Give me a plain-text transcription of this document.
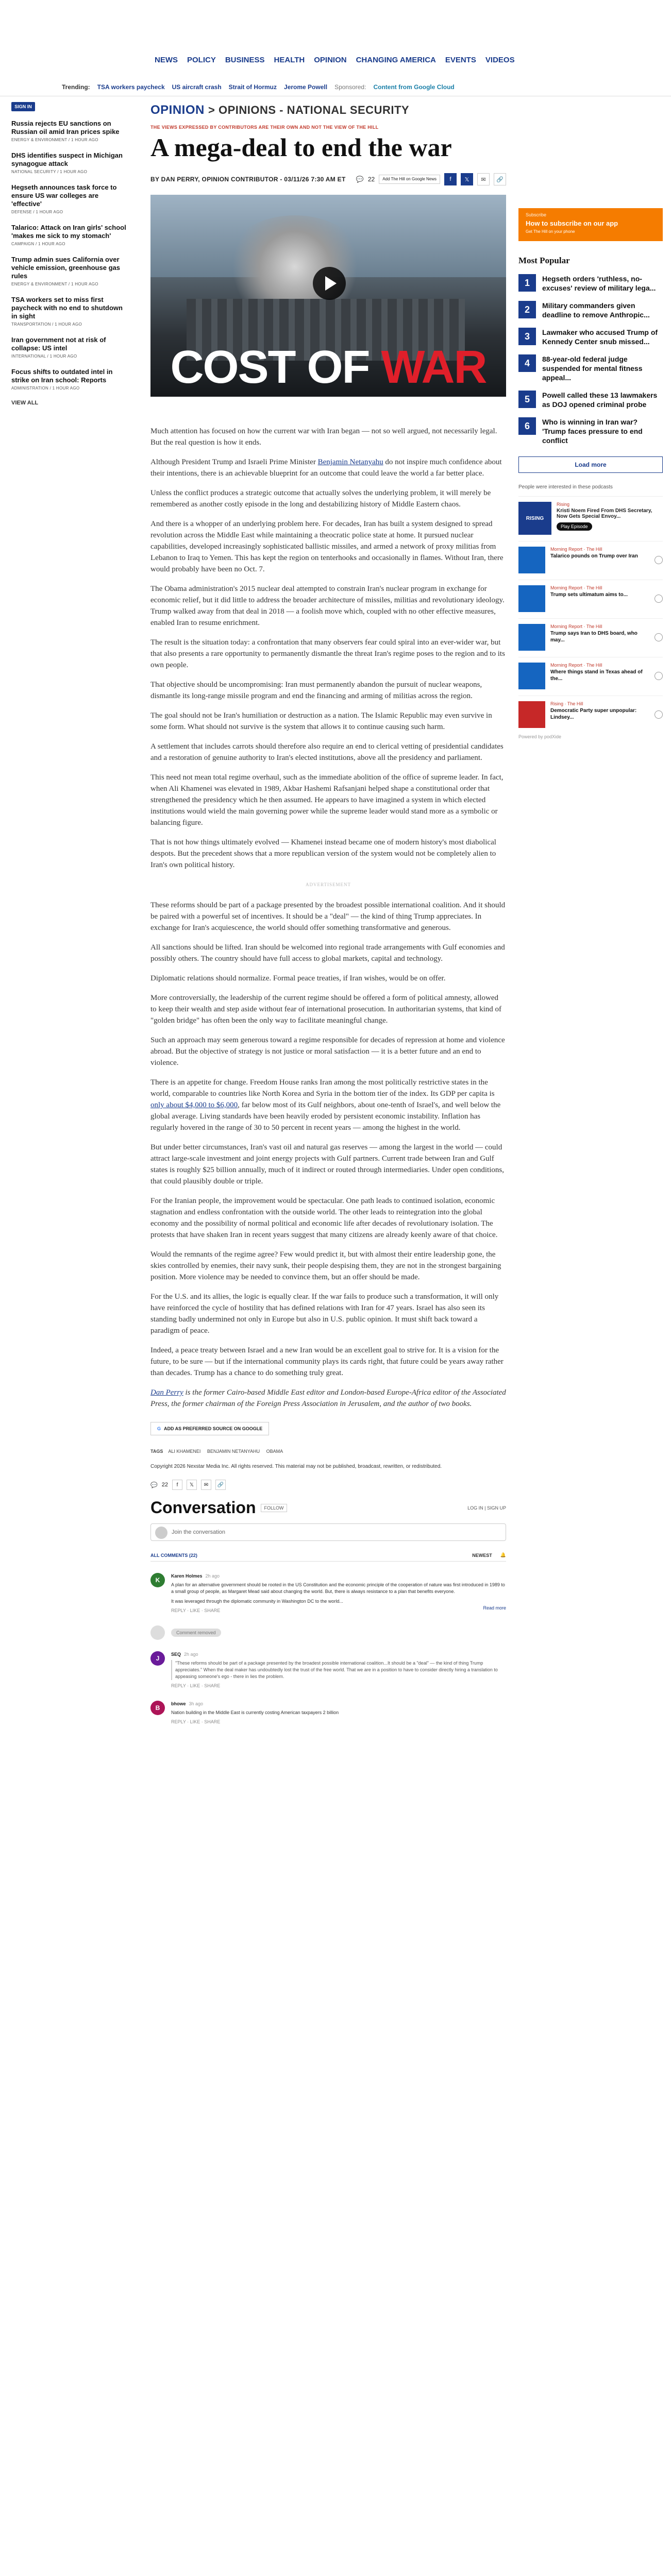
NEWS POLICY BUSINESS HEALTH OPINION CHANGING AMERICA EVENTS VIDEOS
Trending: TSA workers paycheck US aircraft crash Strait of Hormuz Jerome Powell Sponsored: Content from Google Cloud
SIGN IN
Russia rejects EU sanctions on Russian oil amid Iran prices spike
ENERGY & ENVIRONMENT / 1 HOUR AGO
DHS identifies suspect in Michigan synagogue attack
NATIONAL SECURITY / 1 HOUR AGO
Hegseth announces task force to ensure US war colleges are 'effective'
DEFENSE / 1 HOUR AGO
Talarico: Attack on Iran girls' school 'makes me sick to my stomach'
CAMPAIGN / 1 HOUR AGO
Trump admin sues California over vehicle emission, greenhouse gas rules
ENERGY & ENVIRONMENT / 1 HOUR AGO
TSA workers set to miss first paycheck with no end to shutdown in sight
TRANSPORTATION / 1 HOUR AGO
Iran government not at risk of collapse: US intel
INTERNATIONAL / 1 HOUR AGO
Focus shifts to outdated intel in strike on Iran school: Reports
ADMINISTRATION / 1 HOUR AGO
VIEW ALL
OPINION > OPINIONS - NATIONAL SECURITY
THE VIEWS EXPRESSED BY CONTRIBUTORS ARE THEIR OWN AND NOT THE VIEW OF THE HILL
A mega-deal to end the war
BY DAN PERRY, OPINION CONTRIBUTOR - 03/11/26 7:30 AM ET 💬 22	Add The Hill on Google News	f	𝕏	✉	🔗
COST OF WAR

Much attention has focused on how the current war with Iran began — not so well argued, not necessarily legal. But the real question is how it ends.

Although President Trump and Israeli Prime Minister Benjamin Netanyahu do not inspire much confidence about their intentions, there is an achievable blueprint for an outcome that could leave the world a far better place.

Unless the conflict produces a strategic outcome that actually solves the underlying problem, it will merely be remembered as another costly episode in the long and destabilizing history of Middle Eastern chaos.

And there is a whopper of an underlying problem here. For decades, Iran has built a system designed to spread revolution across the Middle East while maintaining a theocratic police state at home. It pursued nuclear capabilities, developed increasingly sophisticated ballistic missiles, and armed a network of proxy militias from Lebanon to Iraq to Yemen. This has kept the region on tenterhooks and occasionally in flames. Without Iran, there would probably have been no Oct. 7.

The Obama administration's 2015 nuclear deal attempted to constrain Iran's nuclear program in exchange for economic relief, but it did little to address the broader architecture of missiles, militias and revolutionary ideology. Trump walked away from that deal in 2018 — a foolish move which, coupled with no other effective measures, enabled Iran to resume enrichment.

The result is the situation today: a confrontation that many observers fear could spiral into an ever-wider war, but that also presents a rare opportunity to permanently dismantle the threat Iran's regime poses to the region and to its own people.

That objective should be uncompromising: Iran must permanently abandon the pursuit of nuclear weapons, dismantle its long-range missile program and end the financing and arming of militias across the region.

The goal should not be Iran's humiliation or destruction as a nation. The Islamic Republic may even survive in some form. What should not survive is the system that allows it to continue causing such harm.

A settlement that includes carrots should therefore also require an end to clerical vetting of presidential candidates and a restoration of genuine authority to Iran's elected institutions, above all the presidency and parliament.

This need not mean total regime overhaul, such as the immediate abolition of the office of supreme leader. In fact, when Ali Khamenei was elevated in 1989, Akbar Hashemi Rafsanjani helped shape a constitutional order that strengthened the presidency which he then assumed. He appears to have imagined a system in which elected institutions would wield the main governing power while the supreme leader would stand more as a symbolic or balancing figure.

That is not how things ultimately evolved — Khamenei instead became one of modern history's most diabolical despots. But the precedent shows that a more republican version of the system would not be completely alien to Iran's own political history.

ADVERTISEMENT

These reforms should be part of a package presented by the broadest possible international coalition. And it should be paired with a powerful set of incentives. It should be a "deal" — the kind of thing Trump appreciates. In exchange for Iran's acquiescence, the world should offer something transformative and generous.

All sanctions should be lifted. Iran should be welcomed into regional trade arrangements with Gulf economies and possibly others. The country should have full access to global markets, capital and technology.

Diplomatic relations should normalize. Formal peace treaties, if Iran wishes, would be on offer.

More controversially, the leadership of the current regime should be offered a form of political amnesty, allowed to keep their wealth and step aside without fear of international prosecution. In authoritarian systems, that kind of "golden bridge" has often been the only way to facilitate meaningful change.

Such an approach may seem generous toward a regime responsible for decades of repression at home and violence abroad. But the objective of strategy is not justice or moral satisfaction — it is a better future and an end to violence.

There is an appetite for change. Freedom House ranks Iran among the most politically restrictive states in the world, comparable to countries like North Korea and Syria in the bottom tier of the index. Its GDP per capita is only about $4,000 to $6,000, far below most of its Gulf neighbors, about one-tenth of Israel's, and well below the global average. Living standards have been heavily eroded by persistent economic instability. Inflation has regularly hovered in the range of 30 to 50 percent in recent years — among the highest in the world.

But under better circumstances, Iran's vast oil and natural gas reserves — among the largest in the world — could attract large-scale investment and joint energy projects with Gulf partners. Current trade between Iran and Gulf states is roughly $25 billion annually, much of it indirect or routed through intermediaries. Under open conditions, that could plausibly double or triple.

For the Iranian people, the improvement would be spectacular. One path leads to continued isolation, economic stagnation and endless confrontation with the outside world. The other leads to reintegration into the global economy and the possibility of normal political and economic life after decades of revolutionary isolation. The protests that have shaken Iran in recent years suggest that many citizens are already keenly aware of that choice.

Would the remnants of the regime agree? Few would predict it, but with almost their entire leadership gone, the skies controlled by enemies, their navy sunk, their people despising them, they are not in the strongest bargaining position. More violence may be needed to convince them, but an offer should be made.

For the U.S. and its allies, the logic is equally clear. If the war fails to produce such a transformation, it will only have reinforced the cycle of hostility that has defined relations with Iran for 47 years. Israel has also seen its standing badly undermined not only in Europe but also in U.S. public opinion. It must shift back toward a paradigm of peace.

Indeed, a peace treaty between Israel and a new Iran would be an excellent goal to strive for. It is a vision for the future, to be sure — but if the international community plays its cards right, that future could be years away rather than decades. Trump has a chance to do something truly great.

Dan Perry is the former Cairo-based Middle East editor and London-based Europe-Africa editor of the Associated Press, the former chairman of the Foreign Press Association in Jerusalem, and the author of two books.

G ADD AS PREFERRED SOURCE ON GOOGLE
TAGS ALI KHAMENEI BENJAMIN NETANYAHU OBAMA
Copyright 2026 Nexstar Media Inc. All rights reserved. This material may not be published, broadcast, rewritten, or redistributed.
💬 22	f	𝕏	✉	🔗
Conversation	FOLLOW	LOG IN | SIGN UP
Join the conversation
ALL COMMENTS (22)	NEWEST 🔔
K
Karen Holmes 2h ago
A plan for an alternative government should be rooted in the US Constitution and the economic principle of the cooperation of nature was first introduced in 1989 to a small group of people, as Margaret Mead said about changing the world. But, there is always resistance to a plan that benefits everyone.
It was leveraged through the diplomatic community in Washington DC to the world...
Read more
REPLY · LIKE · SHARE
Comment removed
J
SEQ 2h ago
"These reforms should be part of a package presented by the broadest possible international coalition...It should be a "deal" — the kind of thing Trump appreciates." When the deal maker has undoubtedly lost the trust of the free world. That we are in a position to have to consider directly hiring a translation to appeasing someone's ego - there in lies the problem.
REPLY · LIKE · SHARE
B
bhowe 3h ago
Nation building in the Middle East is currently costing American taxpayers 2 billion
REPLY · LIKE · SHARE
Subscribe
How to subscribe on our app
Get The Hill on your phone
Most Popular
1	Hegseth orders 'ruthless, no-excuses' review of military lega...
2	Military commanders given deadline to remove Anthropic...
3	Lawmaker who accused Trump of Kennedy Center snub missed...
4	88-year-old federal judge suspended for mental fitness appeal...
5	Powell called these 13 lawmakers as DOJ opened criminal probe
6	Who is winning in Iran war? 'Trump faces pressure to end conflict
Load more
People were interested in these podcasts
RISING
Rising
Kristi Noem Fired From DHS Secretary, Now Gets Special Envoy...
Play Episode
Morning Report · The Hill
Talarico pounds on Trump over Iran
Morning Report · The Hill
Trump sets ultimatum aims to...
Morning Report · The Hill
Trump says Iran to DHS board, who may...
Morning Report · The Hill
Where things stand in Texas ahead of the...
Rising · The Hill
Democratic Party super unpopular: Lindsey...
Powered by podXide
